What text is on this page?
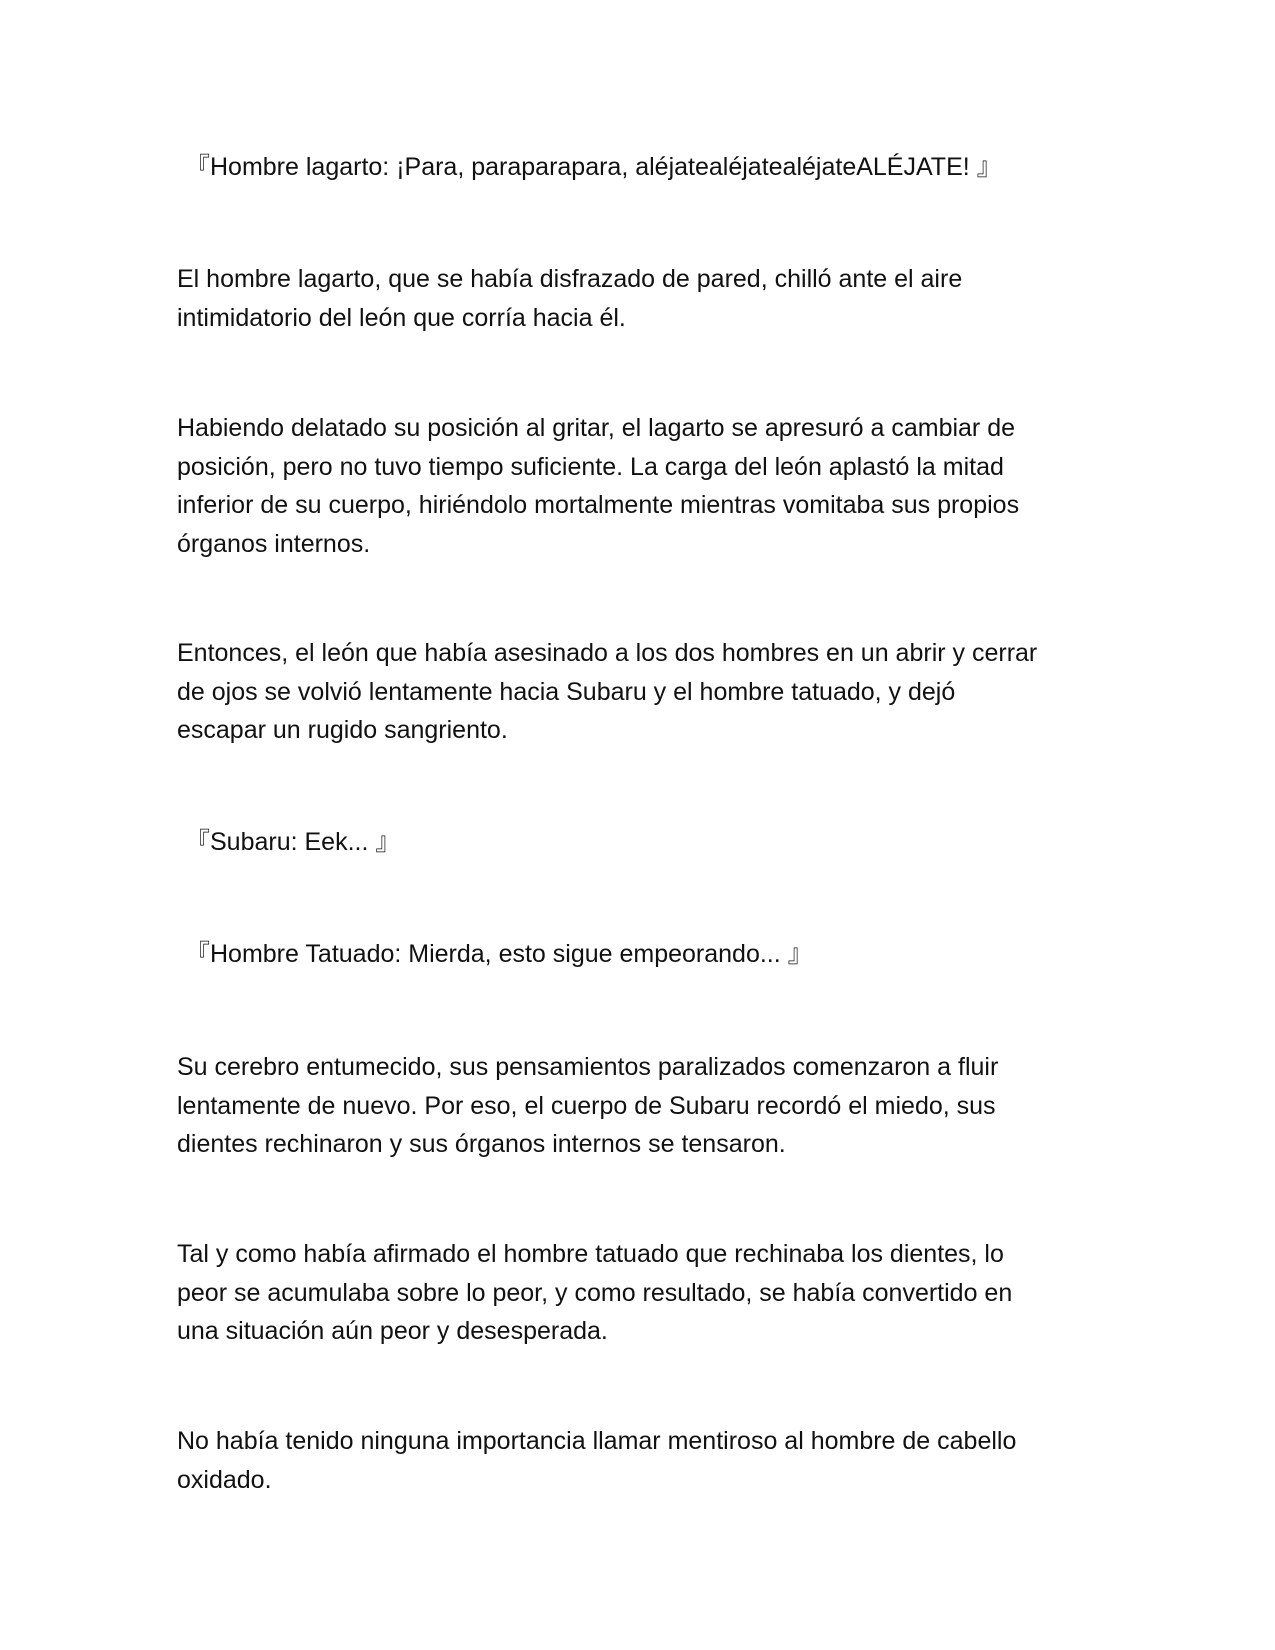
『Hombre lagarto: ¡Para, paraparapara, aléjatealéjatealéjateALÉJATE! 』

El hombre lagarto, que se había disfrazado de pared, chilló ante el aire
intimidatorio del león que corría hacia él.

Habiendo delatado su posición al gritar, el lagarto se apresuró a cambiar de
posición, pero no tuvo tiempo suficiente. La carga del león aplastó la mitad
inferior de su cuerpo, hiriéndolo mortalmente mientras vomitaba sus propios
órganos internos.

Entonces, el león que había asesinado a los dos hombres en un abrir y cerrar
de ojos se volvió lentamente hacia Subaru y el hombre tatuado, y dejó
escapar un rugido sangriento.

『Subaru: Eek... 』

『Hombre Tatuado: Mierda, esto sigue empeorando... 』

Su cerebro entumecido, sus pensamientos paralizados comenzaron a fluir
lentamente de nuevo. Por eso, el cuerpo de Subaru recordó el miedo, sus
dientes rechinaron y sus órganos internos se tensaron.

Tal y como había afirmado el hombre tatuado que rechinaba los dientes, lo
peor se acumulaba sobre lo peor, y como resultado, se había convertido en
una situación aún peor y desesperada.

No había tenido ninguna importancia llamar mentiroso al hombre de cabello
oxidado.
